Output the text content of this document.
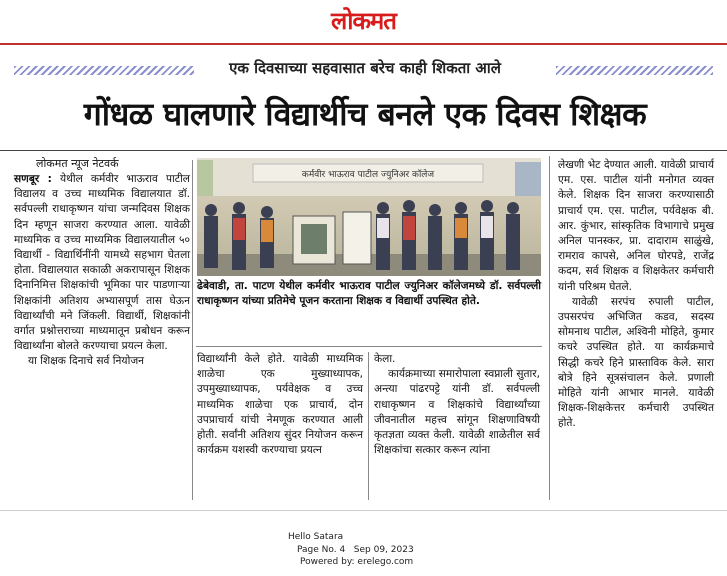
लोकमत
एक दिवसाच्या सहवासात बरेच काही शिकता आले
गोंधळ घालणारे विद्यार्थीच बनले एक दिवस शिक्षक
लोकमत न्यूज नेटवर्क

सणबूर : येथील कर्मवीर भाऊराव पाटील विद्यालय व उच्च माध्यमिक विद्यालयात डॉ. सर्वपल्ली राधाकृष्णन यांचा जन्मदिवस शिक्षक दिन म्हणून साजरा करण्यात आला. यावेळी माध्यमिक व उच्च माध्यमिक विद्यालयातील ५० विद्यार्थी - विद्यार्थिनींनी यामध्ये सहभाग घेतला होता. विद्यालयात सकाळी अकरापासून शिक्षक दिनानिमित्त शिक्षकांची भूमिका पार पाडणाऱ्या शिक्षकांनी अतिशय अभ्यासपूर्ण तास घेऊन विद्यार्थ्यांची मने जिंकली. विद्यार्थी, शिक्षकांनी वर्गात प्रश्नोत्तराच्या माध्यमातून प्रबोधन करून विद्यार्थ्यांना बोलते करण्याचा प्रयत्न केला.

या शिक्षक दिनाचे सर्व नियोजन

कर्मवीर भाऊराव पाटील ज्युनिअर कॉलेज
ढेबेवाडी, ता. पाटण येथील कर्मवीर भाऊराव पाटील ज्युनिअर कॉलेजमध्ये डॉ. सर्वपल्ली राधाकृष्णन यांच्या प्रतिमेचे पूजन करताना शिक्षक व विद्यार्थी उपस्थित होते.

विद्यार्थ्यांनी केले होते. यावेळी माध्यमिक शाळेचा एक मुख्याध्यापक, उपमुख्याध्यापक, पर्यवेक्षक व उच्च माध्यमिक शाळेचा एक प्राचार्य, दोन उपप्राचार्य यांची नेमणूक करण्यात आली होती. सर्वांनी अतिशय सुंदर नियोजन करून कार्यक्रम यशस्वी करण्याचा प्रयत्न

केला.

कार्यक्रमाच्या समारोपाला स्वप्नाली सुतार, अन्त्या पांढरपट्टे यांनी डॉ. सर्वपल्ली राधाकृष्णन व शिक्षकांचे विद्यार्थ्यांच्या जीवनातील महत्त्व सांगून शिक्षणाविषयी कृतज्ञता व्यक्त केली. यावेळी शाळेतील सर्व शिक्षकांचा सत्कार करून त्यांना

लेखणी भेट देण्यात आली. यावेळी प्राचार्य एम. एस. पाटील यांनी मनोगत व्यक्त केले. शिक्षक दिन साजरा करण्यासाठी प्राचार्य एम. एस. पाटील, पर्यवेक्षक बी. आर. कुंभार, सांस्कृतिक विभागाचे प्रमुख अनिल पानस्कर, प्रा. दादाराम साळुंखे, रामराव कापसे, अनिल घोरपडे, राजेंद्र कदम, सर्व शिक्षक व शिक्षकेतर कर्मचारी यांनी परिश्रम घेतले.

यावेळी सरपंच रुपाली पाटील, उपसरपंच अभिजित कडव, सदस्य सोमनाथ पाटील, अश्विनी मोहिते, कुमार कचरे उपस्थित होते. या कार्यक्रमाचे सिद्धी कचरे हिने प्रास्ताविक केले. सारा बोत्रे हिने सूत्रसंचालन केले. प्रणाली मोहिते यांनी आभार मानले. यावेळी शिक्षक-शिक्षकेत्तर कर्मचारी उपस्थित होते.

Hello Satara
Page No. 4 Sep 09, 2023
Powered by: erelego.com
